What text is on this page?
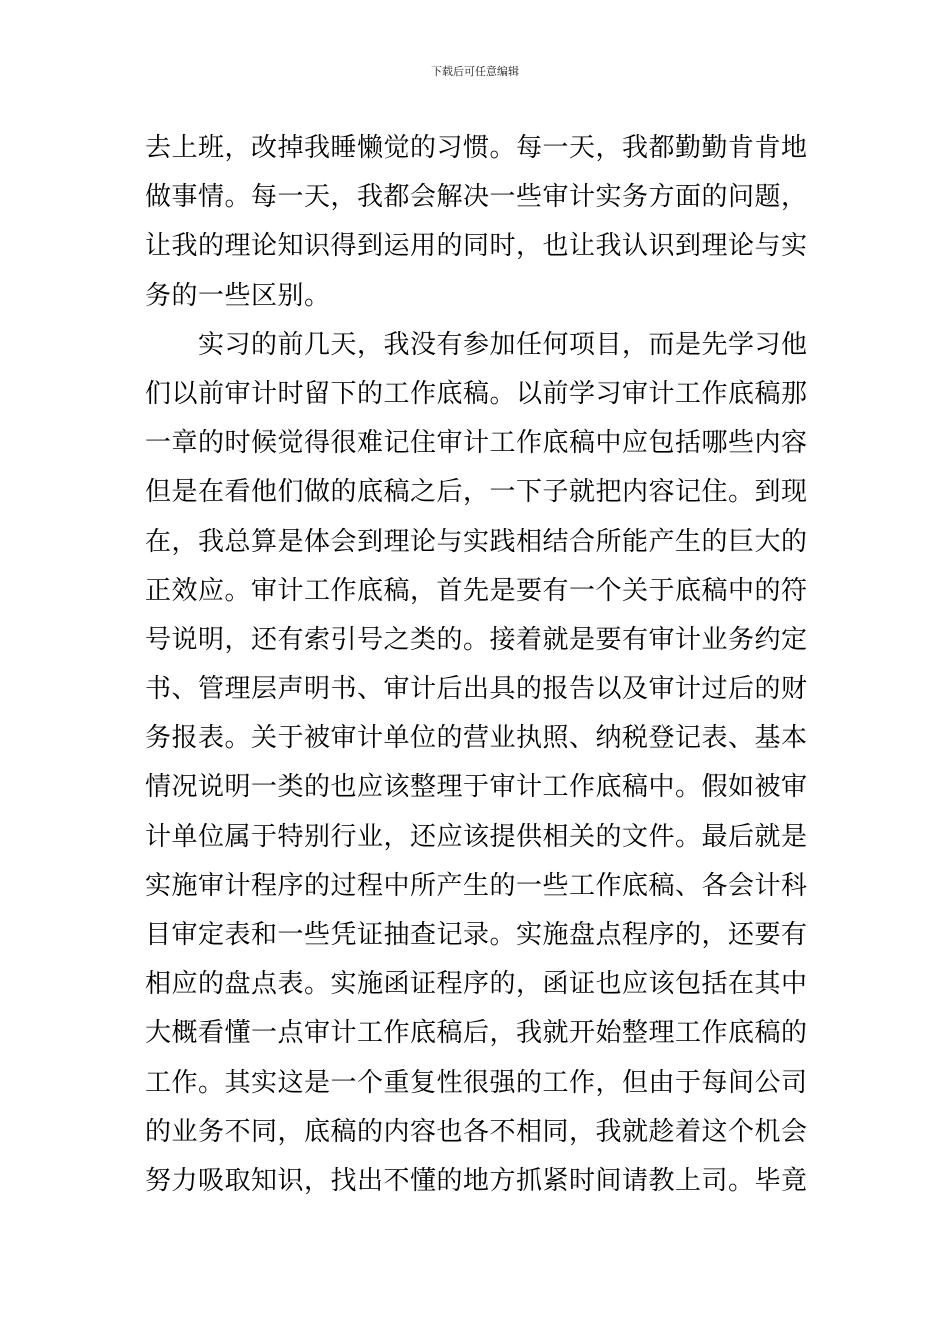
下载后可任意编辑
去上班，改掉我睡懒觉的习惯。每一天，我都勤勤肯肯地
做事情。每一天，我都会解决一些审计实务方面的问题，
让我的理论知识得到运用的同时，也让我认识到理论与实
务的一些区别。
　　实习的前几天，我没有参加任何项目，而是先学习他
们以前审计时留下的工作底稿。以前学习审计工作底稿那
一章的时候觉得很难记住审计工作底稿中应包括哪些内容
但是在看他们做的底稿之后，一下子就把内容记住。到现
在，我总算是体会到理论与实践相结合所能产生的巨大的
正效应。审计工作底稿，首先是要有一个关于底稿中的符
号说明，还有索引号之类的。接着就是要有审计业务约定
书、管理层声明书、审计后出具的报告以及审计过后的财
务报表。关于被审计单位的营业执照、纳税登记表、基本
情况说明一类的也应该整理于审计工作底稿中。假如被审
计单位属于特别行业，还应该提供相关的文件。最后就是
实施审计程序的过程中所产生的一些工作底稿、各会计科
目审定表和一些凭证抽查记录。实施盘点程序的，还要有
相应的盘点表。实施函证程序的，函证也应该包括在其中
大概看懂一点审计工作底稿后，我就开始整理工作底稿的
工作。其实这是一个重复性很强的工作，但由于每间公司
的业务不同，底稿的内容也各不相同，我就趁着这个机会
努力吸取知识，找出不懂的地方抓紧时间请教上司。毕竟
